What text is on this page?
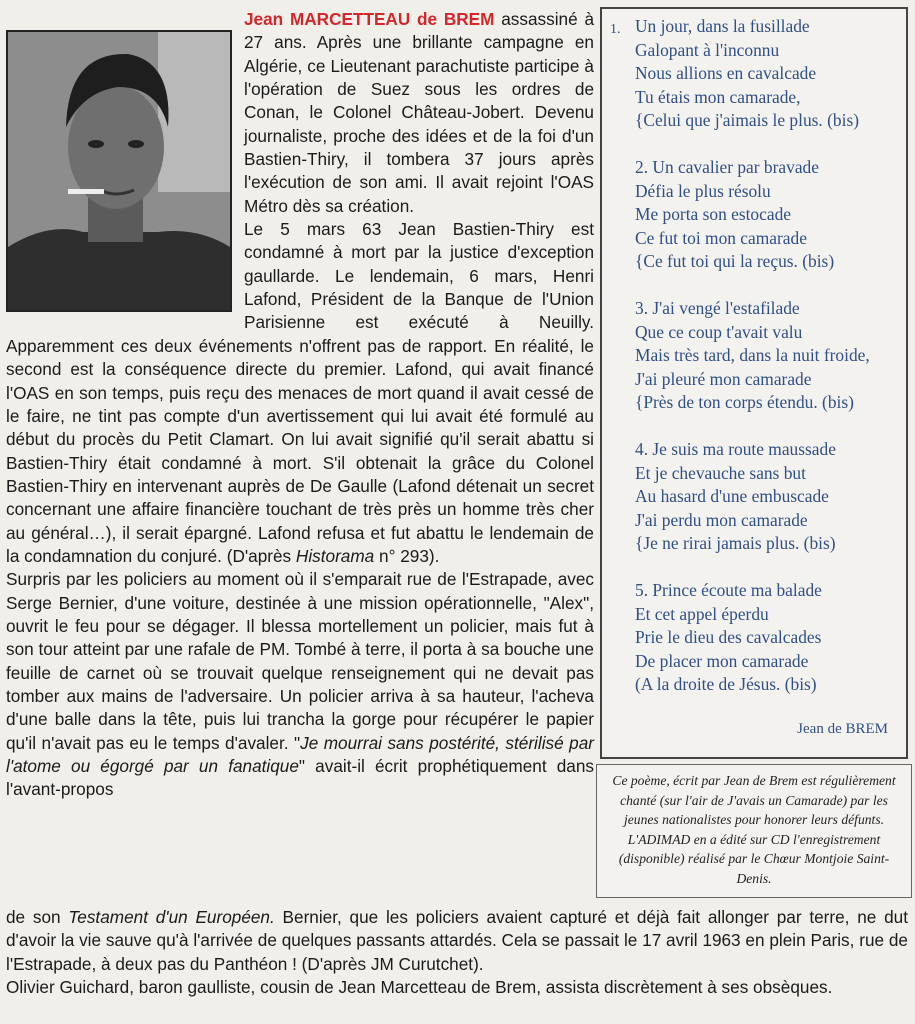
Jean MARCETTEAU de BREM
assassiné à 27 ans. Après une brillante campagne en Algérie, ce Lieutenant parachutiste participe à l'opération de Suez sous les ordres de Conan, le Colonel Château-Jobert. Devenu journaliste, proche des idées et de la foi d'un Bastien-Thiry, il tombera 37 jours après l'exécution de son ami. Il avait rejoint l'OAS Métro dès sa création.

Le 5 mars 63 Jean Bastien-Thiry est condamné à mort par la justice d'exception gaullarde. Le lendemain, 6 mars, Henri Lafond, Président de la Banque de l'Union Parisienne est exécuté à Neuilly. Apparemment ces deux événements n'offrent pas de rapport. En réalité, le second est la conséquence directe du premier. Lafond, qui avait financé l'OAS en son temps, puis reçu des menaces de mort quand il avait cessé de le faire, ne tint pas compte d'un avertissement qui lui avait été formulé au début du procès du Petit Clamart. On lui avait signifié qu'il serait abattu si Bastien-Thiry était condamné à mort. S'il obtenait la grâce du Colonel Bastien-Thiry en intervenant auprès de De Gaulle (Lafond détenait un secret concernant une affaire financière touchant de très près un homme très cher au général…), il serait épargné. Lafond refusa et fut abattu le lendemain de la condamnation du conjuré. (D'après Historama n° 293).

Surpris par les policiers au moment où il s'emparait rue de l'Estrapade, avec Serge Bernier, d'une voiture, destinée à une mission opérationnelle, "Alex", ouvrit le feu pour se dégager. Il blessa mortellement un policier, mais fut à son tour atteint par une rafale de PM. Tombé à terre, il porta à sa bouche une feuille de carnet où se trouvait quelque renseignement qui ne devait pas tomber aux mains de l'adversaire. Un policier arriva à sa hauteur, l'acheva d'une balle dans la tête, puis lui trancha la gorge pour récupérer le papier qu'il n'avait pas eu le temps d'avaler. "Je mourrai sans postérité, stérilisé par l'atome ou égorgé par un fanatique" avait-il écrit prophétiquement dans l'avant-propos

1. Un jour, dans la fusillade
Galopant à l'inconnu
Nous allions en cavalcade
Tu étais mon camarade,
{Celui que j'aimais le plus. (bis)
2. Un cavalier par bravade
Défia le plus résolu
Me porta son estocade
Ce fut toi mon camarade
{Ce fut toi qui la reçus. (bis)
3. J'ai vengé l'estafilade
Que ce coup t'avait valu
Mais très tard, dans la nuit froide,
J'ai pleuré mon camarade
{Près de ton corps étendu. (bis)
4. Je suis ma route maussade
Et je chevauche sans but
Au hasard d'une embuscade
J'ai perdu mon camarade
{Je ne rirai jamais plus. (bis)
5. Prince écoute ma balade
Et cet appel éperdu
Prie le dieu des cavalcades
De placer mon camarade
(A la droite de Jésus. (bis)
Jean de BREM
Ce poème, écrit par Jean de Brem est régulièrement chanté (sur l'air de J'avais un Camarade) par les jeunes nationalistes pour honorer leurs défunts. L'ADIMAD en a édité sur CD l'enregistrement (disponible) réalisé par le Chœur Montjoie Saint-Denis.

de son Testament d'un Européen. Bernier, que les policiers avaient capturé et déjà fait allonger par terre, ne dut d'avoir la vie sauve qu'à l'arrivée de quelques passants attardés. Cela se passait le 17 avril 1963 en plein Paris, rue de l'Estrapade, à deux pas du Panthéon ! (D'après JM Curutchet).

Olivier Guichard, baron gaulliste, cousin de Jean Marcetteau de Brem, assista discrètement à ses obsèques.
